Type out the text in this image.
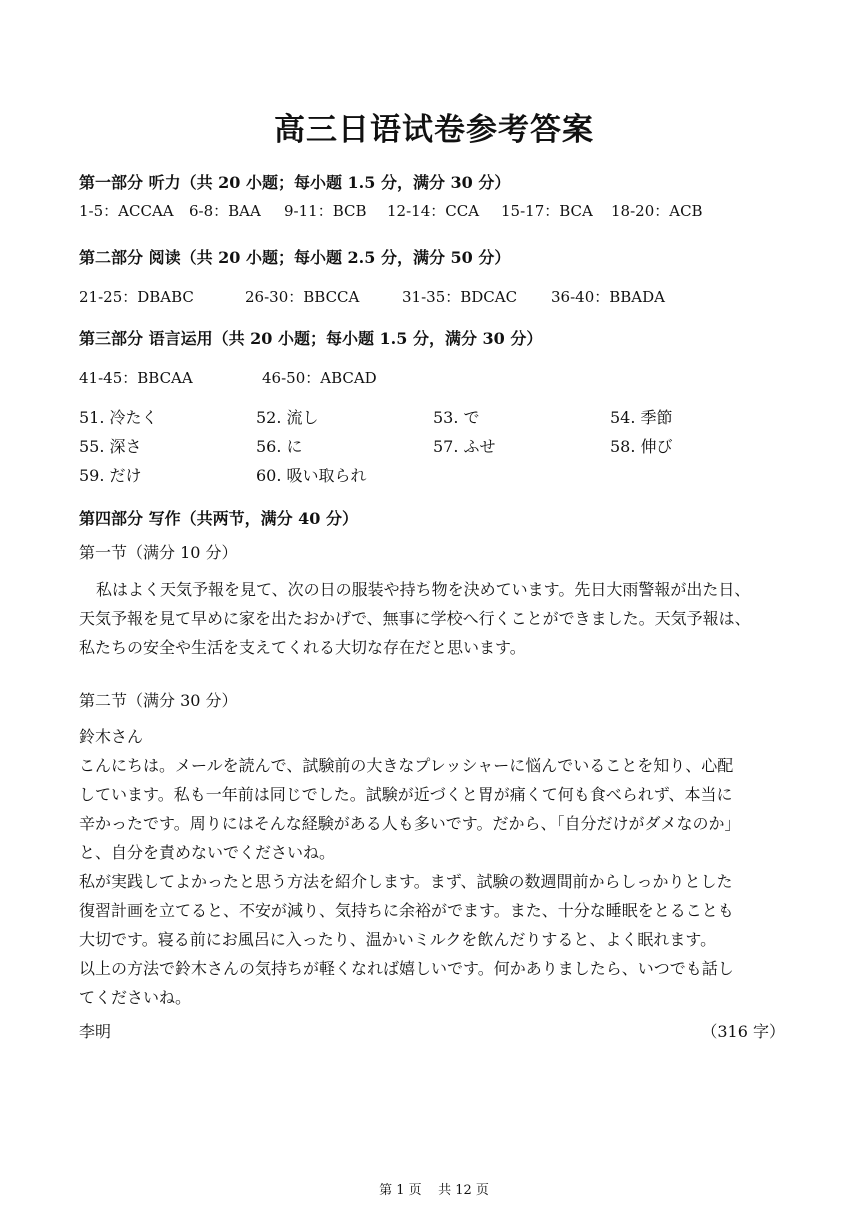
高三日语试卷参考答案
第一部分 听力（共 20 小题；每小题 1.5 分，满分 30 分）
1-5：ACCAA	6-8：BAA	9-11：BCB	12-14：CCA	15-17：BCA	18-20：ACB
第二部分 阅读（共 20 小题；每小题 2.5 分，满分 50 分）
21-25：DBABC	26-30：BBCCA	31-35：BDCAC	36-40：BBADA
第三部分 语言运用（共 20 小题；每小题 1.5 分，满分 30 分）
41-45：BBCAA	46-50：ABCAD
51. 冷たく	52. 流し	53. で	54. 季節
55. 深さ	56. に	57. ふせ	58. 伸び
59. だけ	60. 吸い取られ
第四部分 写作（共两节，满分 40 分）
第一节（满分 10 分）

私はよく天気予報を見て、次の日の服装や持ち物を決めています。先日大雨警報が出た日、

天気予報を見て早めに家を出たおかげで、無事に学校へ行くことができました。天気予報は、

私たちの安全や生活を支えてくれる大切な存在だと思います。

第二节（满分 30 分）

鈴木さん

こんにちは。メールを読んで、試験前の大きなプレッシャーに悩んでいることを知り、心配

しています。私も一年前は同じでした。試験が近づくと胃が痛くて何も食べられず、本当に

辛かったです。周りにはそんな経験がある人も多いです。だから、「自分だけがダメなのか」

と、自分を責めないでくださいね。

私が実践してよかったと思う方法を紹介します。まず、試験の数週間前からしっかりとした

復習計画を立てると、不安が減り、気持ちに余裕がでます。また、十分な睡眠をとることも

大切です。寝る前にお風呂に入ったり、温かいミルクを飲んだりすると、よく眠れます。

以上の方法で鈴木さんの気持ちが軽くなれば嬉しいです。何かありましたら、いつでも話し

てくださいね。

李明	（316 字）
第 1 页    共 12 页
